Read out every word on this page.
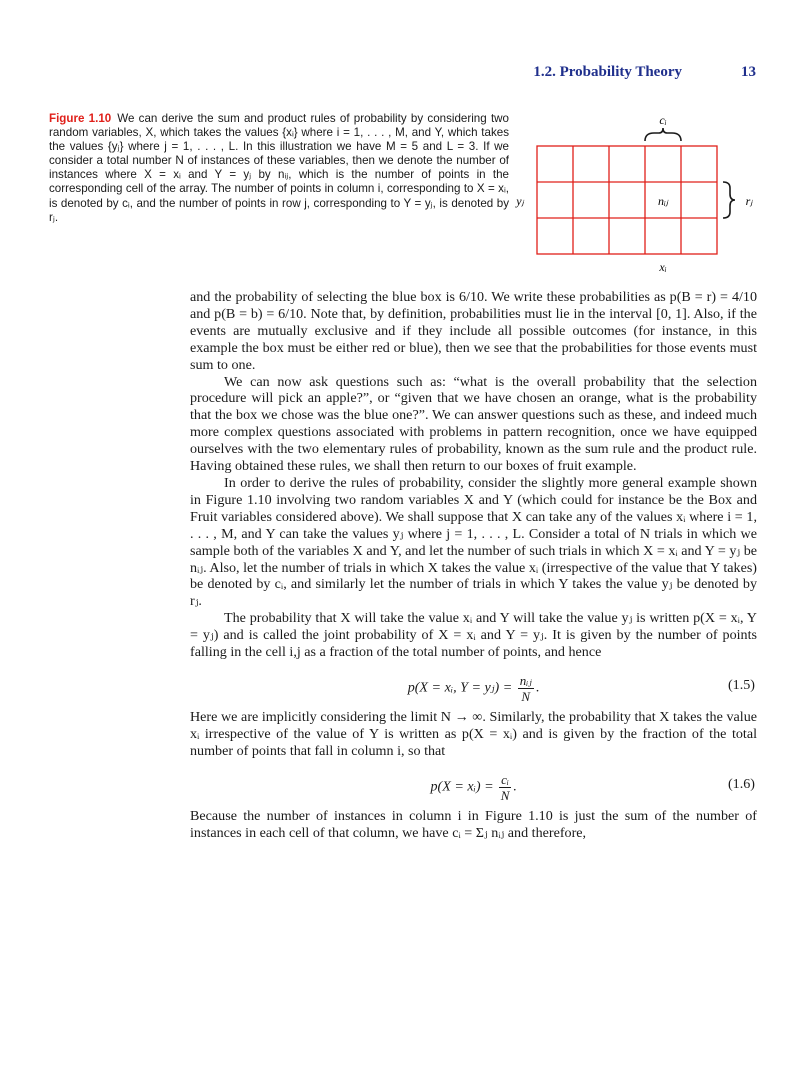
1.2. Probability Theory	13

Figure 1.10 We can derive the sum and product rules of probability by considering two random variables, X, which takes the values {xᵢ} where i = 1, . . . , M, and Y, which takes the values {yⱼ} where j = 1, . . . , L. In this illustration we have M = 5 and L = 3. If we consider a total number N of instances of these variables, then we denote the number of instances where X = xᵢ and Y = yⱼ by nᵢⱼ, which is the number of points in the corresponding cell of the array. The number of points in column i, corresponding to X = xᵢ, is denoted by cᵢ, and the number of points in row j, corresponding to Y = yⱼ, is denoted by rⱼ.

cᵢ
yⱼ	nᵢⱼ	rⱼ
xᵢ

and the probability of selecting the blue box is 6/10. We write these probabilities as p(B = r) = 4/10 and p(B = b) = 6/10. Note that, by definition, probabilities must lie in the interval [0, 1]. Also, if the events are mutually exclusive and if they include all possible outcomes (for instance, in this example the box must be either red or blue), then we see that the probabilities for those events must sum to one.

We can now ask questions such as: “what is the overall probability that the selection procedure will pick an apple?”, or “given that we have chosen an orange, what is the probability that the box we chose was the blue one?”. We can answer questions such as these, and indeed much more complex questions associated with problems in pattern recognition, once we have equipped ourselves with the two elementary rules of probability, known as the sum rule and the product rule. Having obtained these rules, we shall then return to our boxes of fruit example.

In order to derive the rules of probability, consider the slightly more general example shown in Figure 1.10 involving two random variables X and Y (which could for instance be the Box and Fruit variables considered above). We shall suppose that X can take any of the values xᵢ where i = 1, . . . , M, and Y can take the values yⱼ where j = 1, . . . , L. Consider a total of N trials in which we sample both of the variables X and Y, and let the number of such trials in which X = xᵢ and Y = yⱼ be nᵢⱼ. Also, let the number of trials in which X takes the value xᵢ (irrespective of the value that Y takes) be denoted by cᵢ, and similarly let the number of trials in which Y takes the value yⱼ be denoted by rⱼ.

The probability that X will take the value xᵢ and Y will take the value yⱼ is written p(X = xᵢ, Y = yⱼ) and is called the joint probability of X = xᵢ and Y = yⱼ. It is given by the number of points falling in the cell i,j as a fraction of the total number of points, and hence

p(X = xᵢ, Y = yⱼ) = $\frac{\text{nᵢⱼ}}{N}$ .	(1.5)

Here we are implicitly considering the limit N → ∞. Similarly, the probability that X takes the value xᵢ irrespective of the value of Y is written as p(X = xᵢ) and is given by the fraction of the total number of points that fall in column i, so that

p(X = xᵢ) = $\frac{\text{cᵢ}}{N}$ .	(1.6)

Because the number of instances in column i in Figure 1.10 is just the sum of the number of instances in each cell of that column, we have cᵢ = Σⱼ nᵢⱼ and therefore,
